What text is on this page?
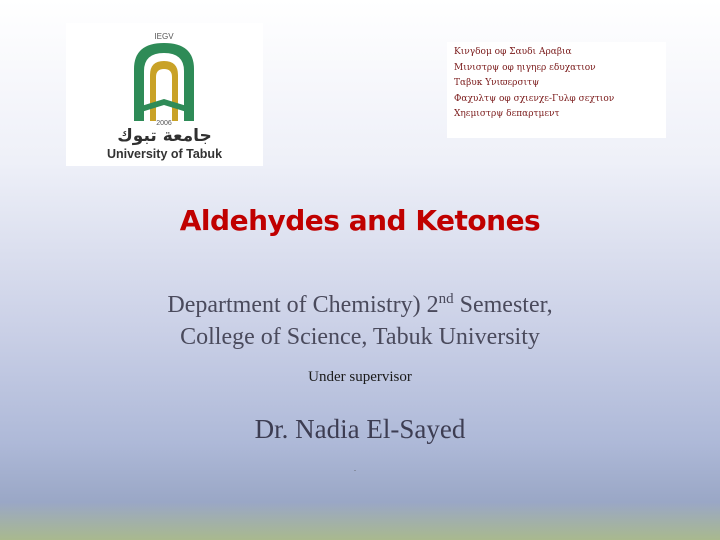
IEGV
2006
جامعة تبوك
University of Tabuk
Κινγδομ οφ Σαυδι Αραβια
Μινιστρψ οφ ηιγηερ εδυχατιον
Ταβυκ Υνιϖερσιτψ
Φαχυλτψ οφ σχιενχε-Γυλφ σεχτιον
Χηεμιστρψ δεπαρτμεντ
Aldehydes and Ketones
Department of Chemistry) 2nd Semester,
College of Science, Tabuk University
Under supervisor
Dr. Nadia El-Sayed
.
